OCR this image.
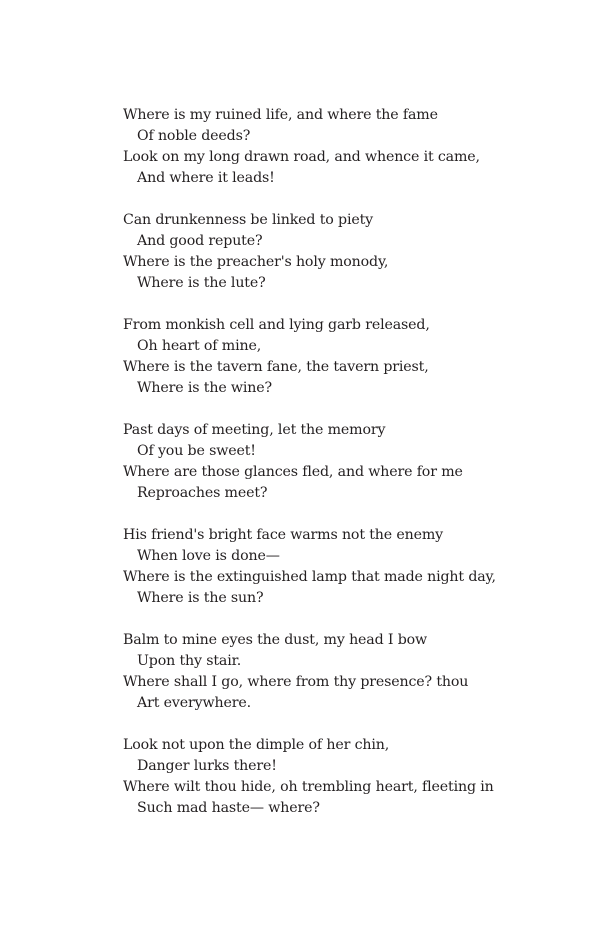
Where is my ruined life, and where the fame
Of noble deeds?
Look on my long drawn road, and whence it came,
And where it leads!
Can drunkenness be linked to piety
And good repute?
Where is the preacher's holy monody,
Where is the lute?
From monkish cell and lying garb released,
Oh heart of mine,
Where is the tavern fane, the tavern priest,
Where is the wine?
Past days of meeting, let the memory
Of you be sweet!
Where are those glances fled, and where for me
Reproaches meet?
His friend's bright face warms not the enemy
When love is done—
Where is the extinguished lamp that made night day,
Where is the sun?
Balm to mine eyes the dust, my head I bow
Upon thy stair.
Where shall I go, where from thy presence? thou
Art everywhere.
Look not upon the dimple of her chin,
Danger lurks there!
Where wilt thou hide, oh trembling heart, fleeting in
Such mad haste— where?
